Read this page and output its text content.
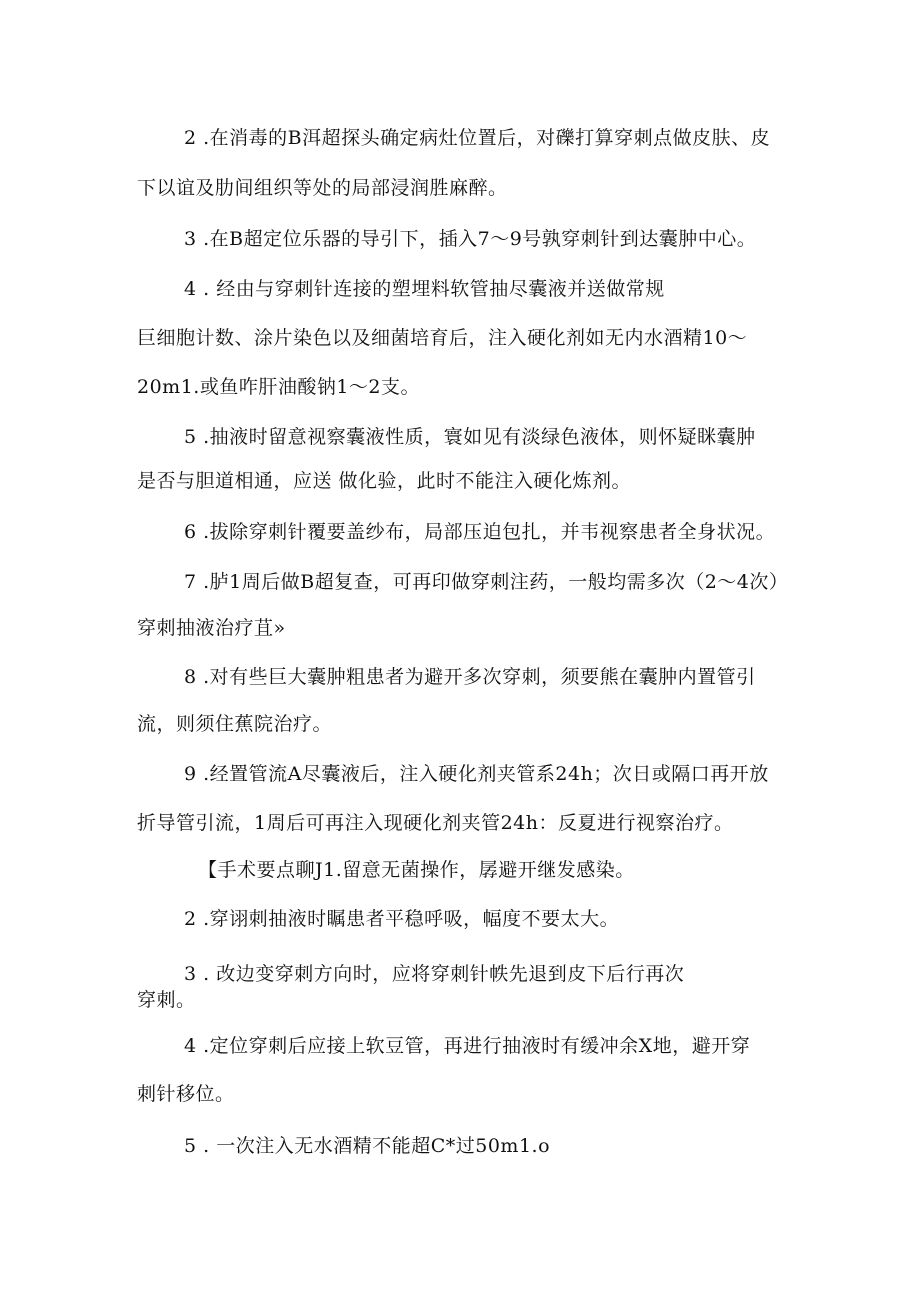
2 .在消毒的B洱超探头确定病灶位置后，对礫打算穿刺点做皮肤、皮
下以谊及肋间组织等处的局部浸润胜麻醉。
3 .在B超定位乐器的导引下，插入7～9号孰穿刺针到达囊肿中心。
4 . 经由与穿刺针连接的塑埋料软管抽尽囊液并送做常规
巨细胞计数、涂片染色以及细菌培育后，注入硬化剂如无内水酒精10～
20m1.或鱼咋肝油酸钠1～2支。
5 .抽液时留意视察囊液性质，寰如见有淡绿色液体，则怀疑眯囊肿
是否与胆道相通，应送 做化验，此时不能注入硬化炼剂。
6 .拔除穿刺针覆要盖纱布，局部压迫包扎，并韦视察患者全身状况。
7 .胪1周后做B超复查，可再印做穿刺注药，一般均需多次（2～4次）
穿刺抽液治疗苴»
8 .对有些巨大囊肿粗患者为避开多次穿刺，须要熊在囊肿内置管引
流，则须住蕉院治疗。
9 .经置管流A尽囊液后，注入硬化剂夹管系24h；次日或隔口再开放
折导管引流，1周后可再注入现硬化剂夹管24h：反夏进行视察治疗。
【手术要点聊J1.留意无菌操作，孱避开继发感染。
2 .穿诩刺抽液时瞩患者平稳呼吸，幅度不要太大。
3 . 改边变穿刺方向时，应将穿刺针帙先退到皮下后行再次
穿刺。
4 .定位穿刺后应接上软豆管，再进行抽液时有缓冲余X地，避开穿
刺针移位。
5 . 一次注入无水酒精不能超C*过50m1.o
